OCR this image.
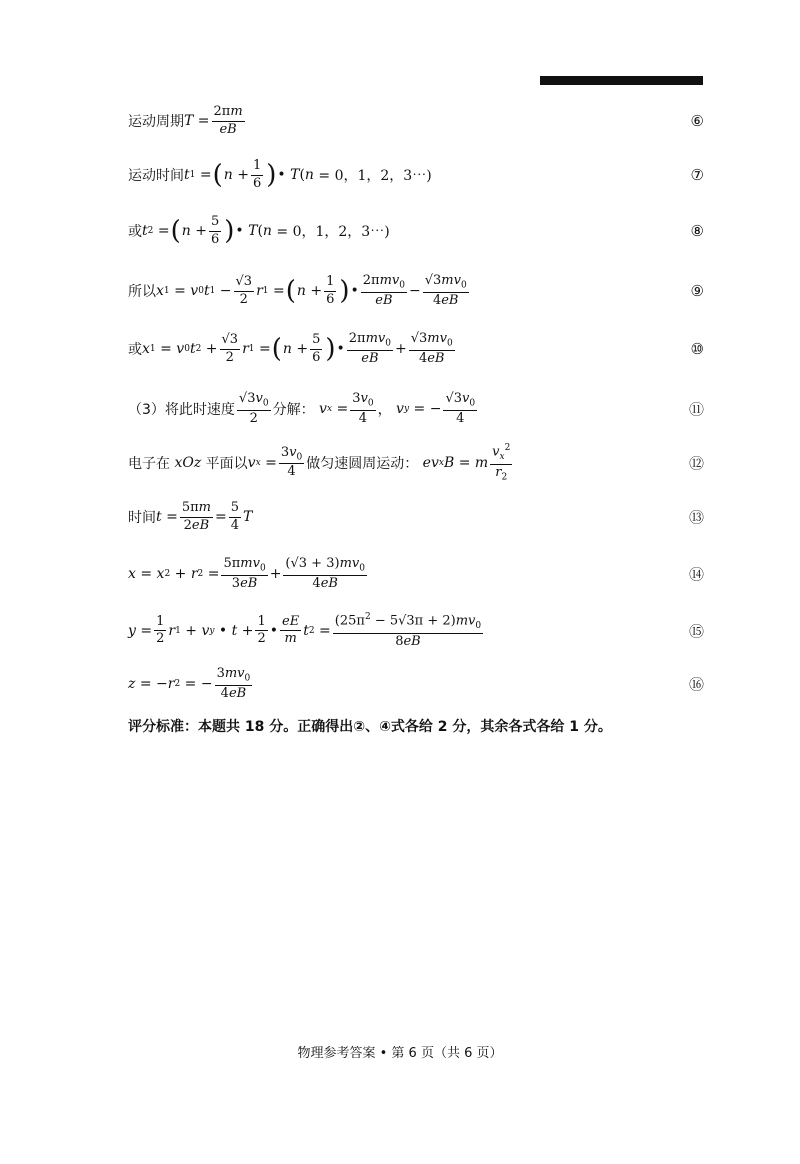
运动周期 $T = \frac{2\pi m}{eB}$	⑥
运动时间 t 1 = ( $n + \frac{1}{6}$ ) • T ( n = 0，1，2，3⋯)	⑦
或 t 2 = ( $n + \frac{5}{6}$ ) • T ( n = 0，1，2，3⋯)	⑧
所以 x 1 = v 0 t $1 - \frac{√3}{2}$ r 1 = ( $n + \frac{1}{6}$ ) • $\frac{2\pi mv_0}{eB} - \frac{√3mv_0}{4eB}$	⑨
或 x 1 = v 0 t $2 + \frac{√3}{2}$ r 1 = ( $n + \frac{5}{6}$ ) • $\frac{2\pi mv_0}{eB} + \frac{√3mv_0}{4eB}$	⑩
（3）将此时速度 $\frac{√3v_0}{2}$ 分解：
v $x = \frac{3v_0}{4}$ ， v y = − $\frac{√3v_0}{4}$	⑪
电子在
xOz
平面以 v $x = \frac{3v_0}{4}$ 做匀速圆周运动：
ev x B = m $\frac{v_x^2}{r_2}$	⑫
时间 $t = \frac{5\pi m}{2eB} = \frac{5}{4}$ T	⑬
x = x 2 + r $2 = \frac{5\pi mv_0}{3eB} + \frac{(√3 + 3)mv_0}{4eB}$	⑭
$y = \frac{1}{2}$ r 1 + v y • $t + \frac{1}{2}$ • $\frac{eE}{m}$ t $2 = \frac{(25\pi^2 - 5√3\pi + 2)mv_0}{8eB}$	⑮
z = − r 2 = − $\frac{3mv_0}{4eB}$	⑯
评分标准：本题共 18 分。正确得出②、④式各给 2 分，其余各式各给 1 分。
物理参考答案 • 第 6 页（共 6 页）
